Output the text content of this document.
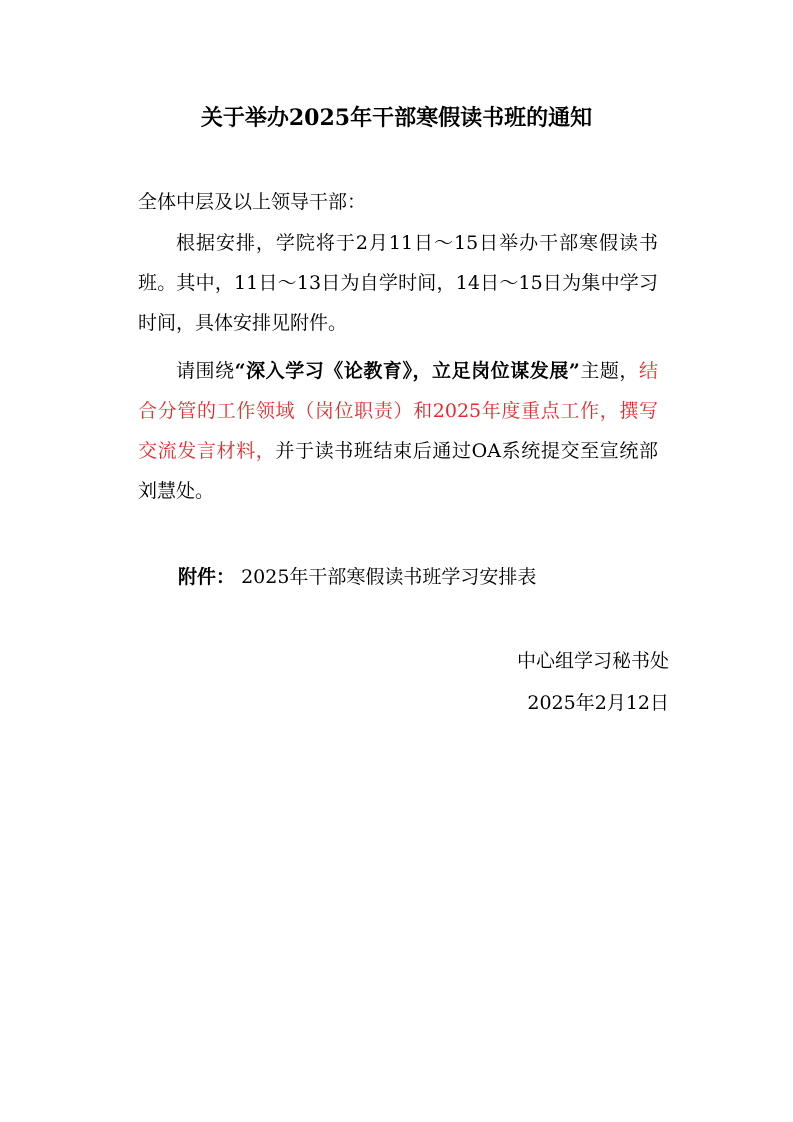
关于举办2025年干部寒假读书班的通知
全体中层及以上领导干部：
根据安排，学院将于2月11日～15日举办干部寒假读书班。其中，11日～13日为自学时间，14日～15日为集中学习时间，具体安排见附件。
请围绕“深入学习《论教育》，立足岗位谋发展”主题，结合分管的工作领域（岗位职责）和2025年度重点工作，撰写交流发言材料，并于读书班结束后通过OA系统提交至宣统部刘慧处。
附件： 2025年干部寒假读书班学习安排表
中心组学习秘书处
2025年2月12日
